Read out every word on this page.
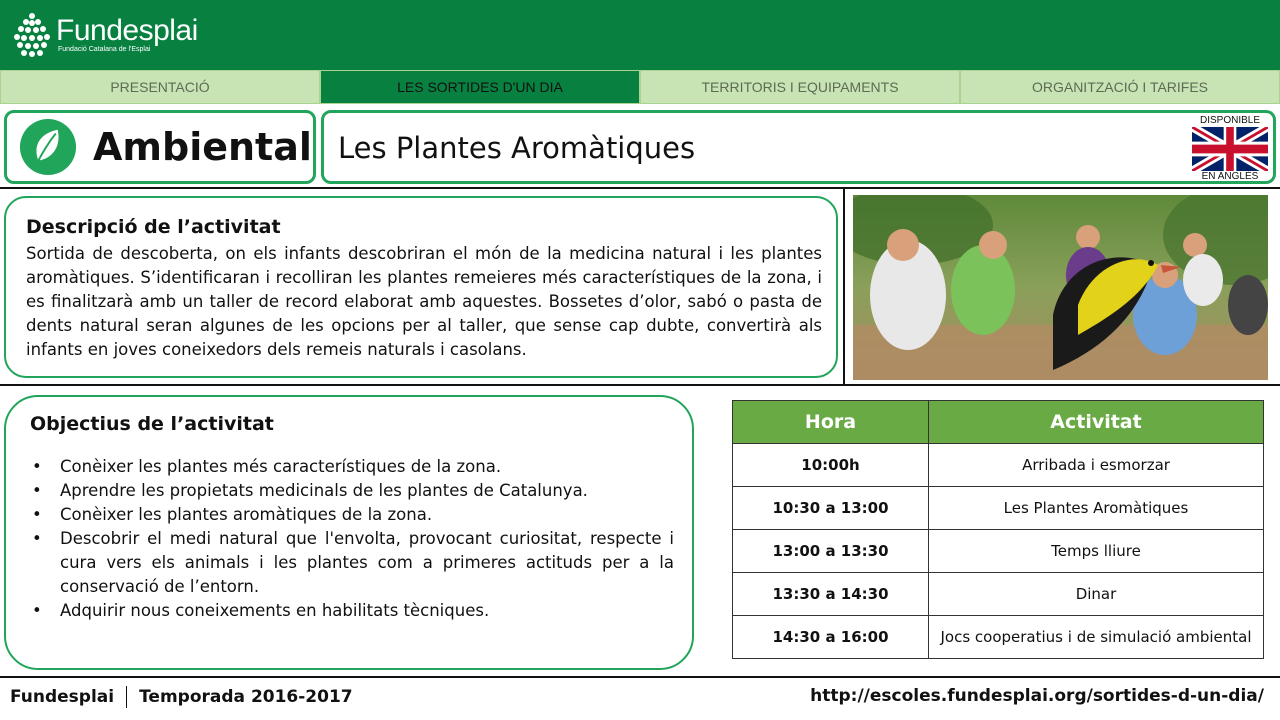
Fundesplai
Fundació Catalana de l'Esplai
PRESENTACIÓ	LES SORTIDES D'UN DIA	TERRITORIS I EQUIPAMENTS	ORGANITZACIÓ I TARIFES
Ambiental Les Plantes Aromàtiques
DISPONIBLE
EN ANGLÈS
Descripció de l’activitat
Sortida de descoberta, on els infants descobriran el món de la medicina natural i les plantes aromàtiques. S’identificaran i recolliran les plantes remeieres més característiques de la zona, i es finalitzarà amb un taller de record elaborat amb aquestes. Bossetes d’olor, sabó o pasta de dents natural seran algunes de les opcions per al taller, que sense cap dubte, convertirà als infants en joves coneixedors dels remeis naturals i casolans.
Objectius de l’activitat
• Conèixer les plantes més característiques de la zona.
• Aprendre les propietats medicinals de les plantes de Catalunya.
• Conèixer les plantes aromàtiques de la zona.
• Descobrir el medi natural que l'envolta, provocant curiositat, respecte i cura vers els animals i les plantes com a primeres actituds per a la conservació de l’entorn.
• Adquirir nous coneixements en habilitats tècniques.
Hora	Activitat
10:00h	Arribada i esmorzar
10:30 a 13:00	Les Plantes Aromàtiques
13:00 a 13:30	Temps lliure
13:30 a 14:30	Dinar
14:30 a 16:00	Jocs cooperatius i de simulació ambiental
Fundesplai Temporada 2016-2017	http://escoles.fundesplai.org/sortides-d-un-dia/
